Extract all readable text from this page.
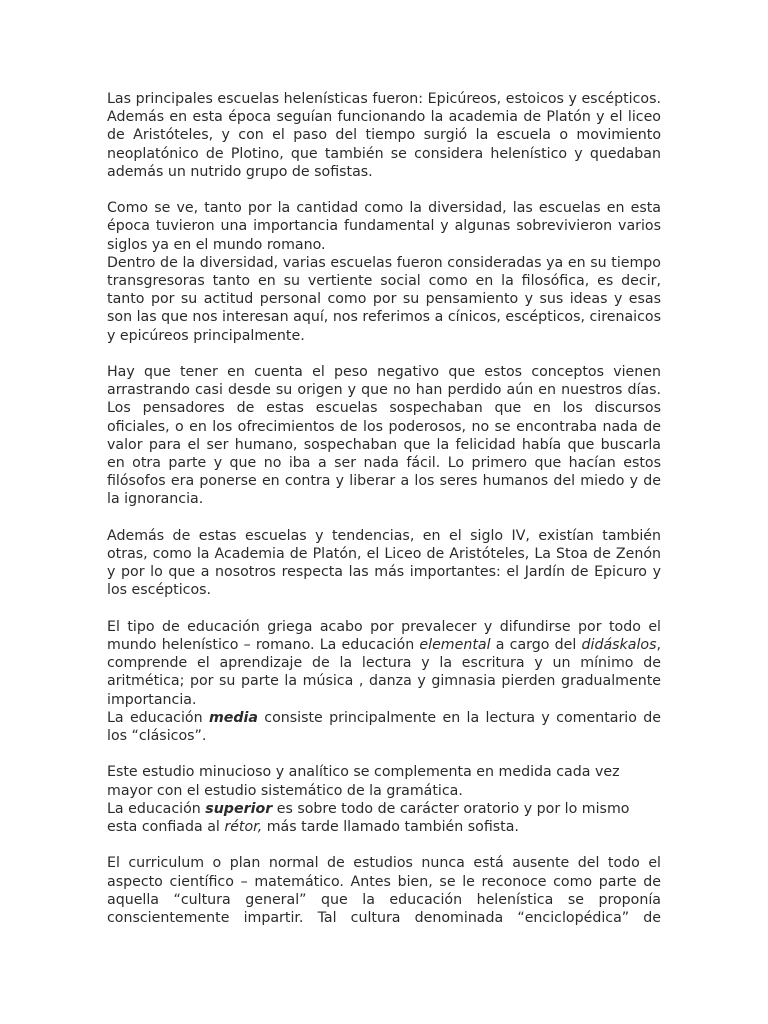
Las principales escuelas helenísticas fueron: Epicúreos, estoicos y escépticos. Además en esta época seguían funcionando la academia de Platón y el liceo de Aristóteles, y con el paso del tiempo surgió la escuela o movimiento neoplatónico de Plotino, que también se considera helenístico y quedaban además un nutrido grupo de sofistas.

Como se ve, tanto por la cantidad como la diversidad, las escuelas en esta época tuvieron una importancia fundamental y algunas sobrevivieron varios siglos ya en el mundo romano.

Dentro de la diversidad, varias escuelas fueron consideradas ya en su tiempo transgresoras tanto en su vertiente social como en la filosófica, es decir, tanto por su actitud personal como por su pensamiento y sus ideas y esas son las que nos interesan aquí, nos referimos a cínicos, escépticos, cirenaicos y epicúreos principalmente.

Hay que tener en cuenta el peso negativo que estos conceptos vienen arrastrando casi desde su origen y que no han perdido aún en nuestros días. Los pensadores de estas escuelas sospechaban que en los discursos oficiales, o en los ofrecimientos de los poderosos, no se encontraba nada de valor para el ser humano, sospechaban que la felicidad había que buscarla en otra parte y que no iba a ser nada fácil. Lo primero que hacían estos filósofos era ponerse en contra y liberar a los seres humanos del miedo y de la ignorancia.

Además de estas escuelas y tendencias, en el siglo IV, existían también otras, como la Academia de Platón, el Liceo de Aristóteles, La Stoa de Zenón y por lo que a nosotros respecta las más importantes: el Jardín de Epicuro y los escépticos.

El tipo de educación griega acabo por prevalecer y difundirse por todo el mundo helenístico – romano. La educación elemental a cargo del didáskalos, comprende el aprendizaje de la lectura y la escritura y un mínimo de aritmética; por su parte la música , danza y gimnasia pierden gradualmente importancia.

La educación media consiste principalmente en la lectura y comentario de los “clásicos”.

Este estudio minucioso y analítico se complementa en medida cada vez mayor con el estudio sistemático de la gramática.

La educación superior es sobre todo de carácter oratorio y por lo mismo esta confiada al rétor, más tarde llamado también sofista.

El curriculum o plan normal de estudios nunca está ausente del todo el aspecto científico – matemático. Antes bien, se le reconoce como parte de aquella “cultura general” que la educación helenística se proponía conscientemente impartir. Tal cultura denominada “enciclopédica” de
